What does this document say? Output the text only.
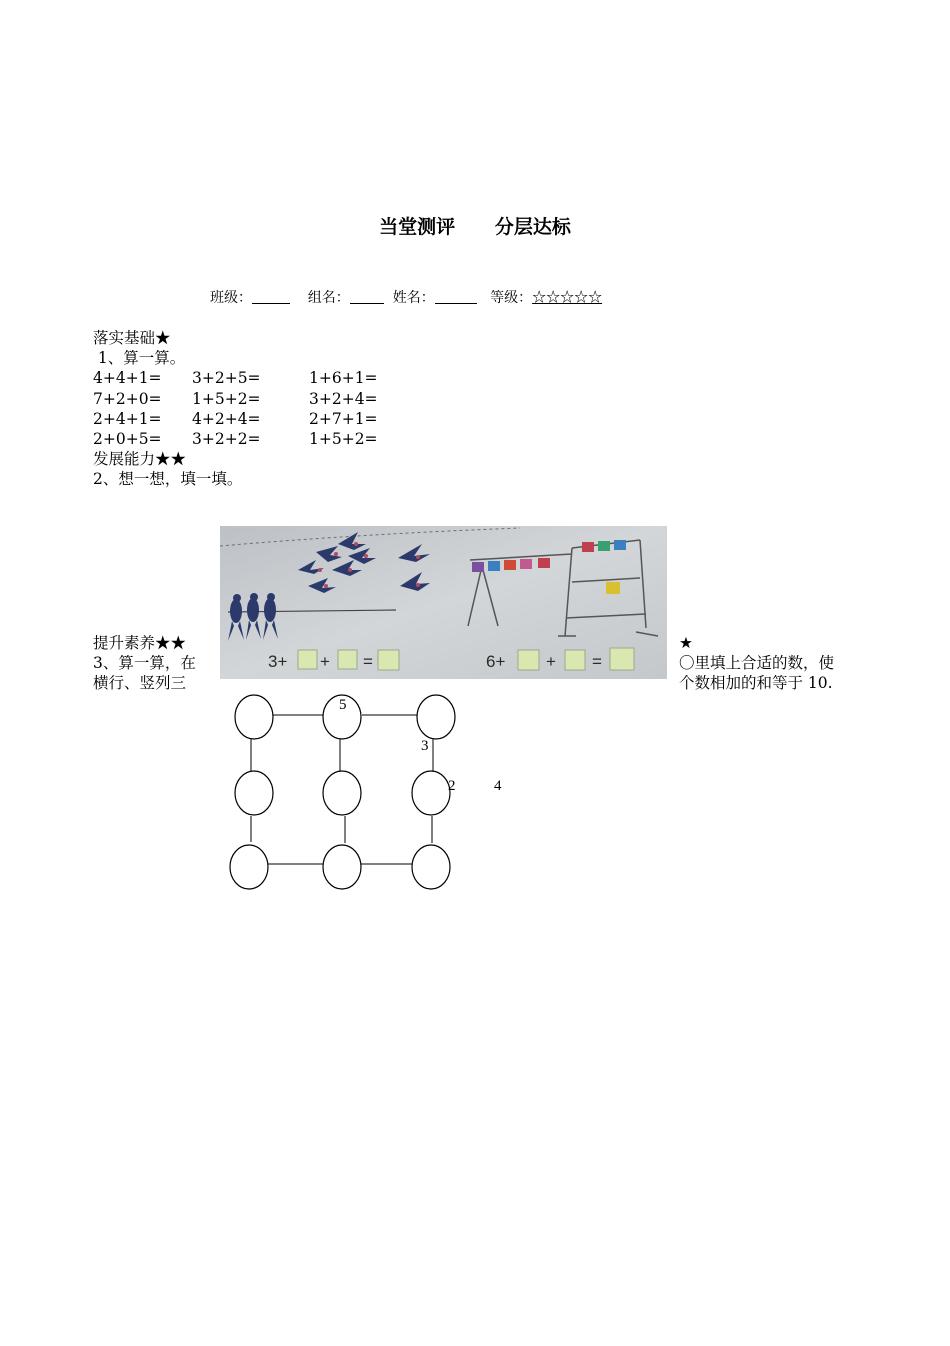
当堂测评      分层达标
班级：	组名：	姓名：	等级：☆☆☆☆☆
落实基础★
1、算一算。
4+4+1= 3+2+5=	1+6+1=
7+2+0= 1+5+2=	3+2+4=
2+4+1= 4+2+4=	2+7+1=
2+0+5= 3+2+2=	1+5+2=
发展能力★★
2、想一想，填一填。
3+ + =	6+ + =
提升素养★★
3、算一算，在
横行、竖列三
★
〇里填上合适的数，使
个数相加的和等于 10.
5
3
2	4
